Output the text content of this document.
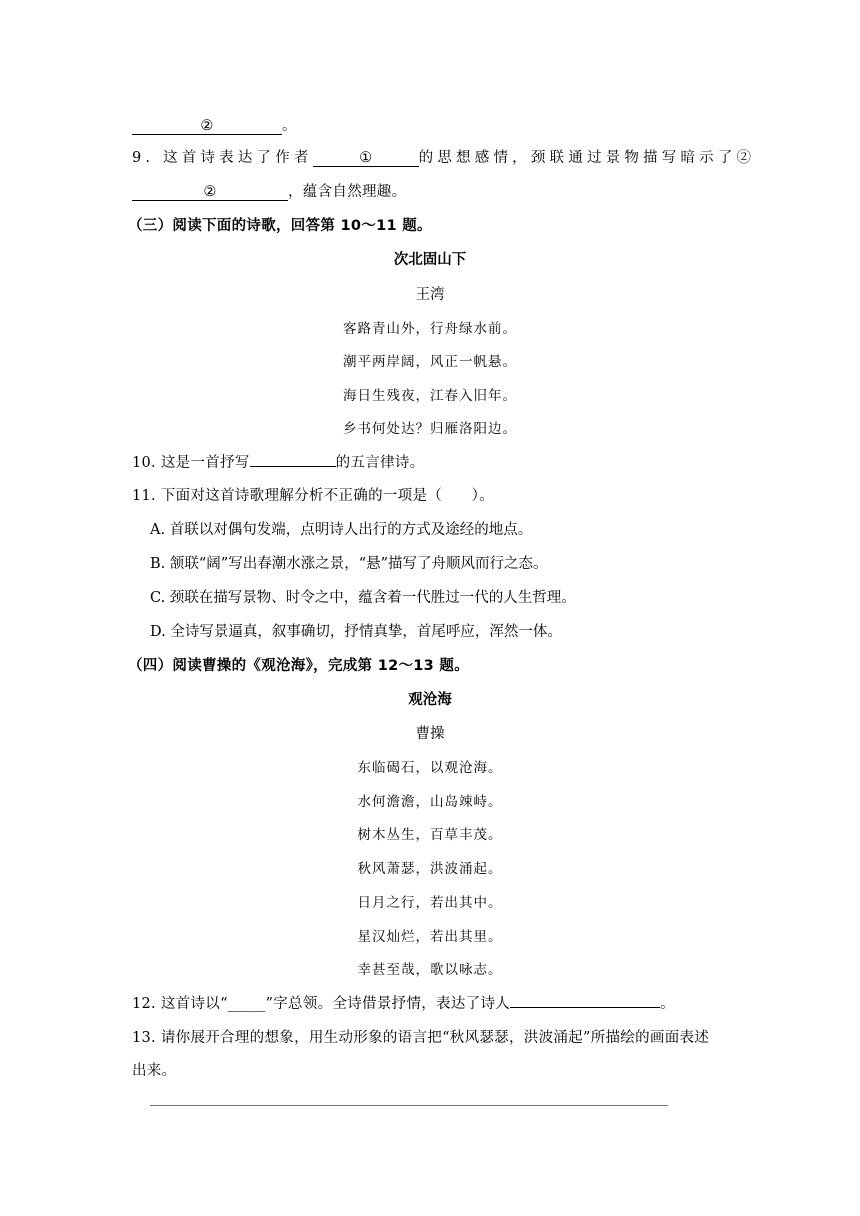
②	。
9. 这首诗表达了作者	①	的思想感情，颈联通过景物描写暗示了②
②	，蕴含自然理趣。
（三）阅读下面的诗歌，回答第 10～11 题。
次北固山下
王湾
客路青山外，行舟绿水前。
潮平两岸阔，风正一帆悬。
海日生残夜，江春入旧年。
乡书何处达？归雁洛阳边。
10. 这是一首抒写	的五言律诗。
11. 下面对这首诗歌理解分析不正确的一项是（　　）。
A. 首联以对偶句发端，点明诗人出行的方式及途经的地点。
B. 颔联“阔”写出春潮水涨之景，“悬”描写了舟顺风而行之态。
C. 颈联在描写景物、时令之中，蕴含着一代胜过一代的人生哲理。
D. 全诗写景逼真，叙事确切，抒情真挚，首尾呼应，浑然一体。
（四）阅读曹操的《观沧海》，完成第 12～13 题。
观沧海
曹操
东临碣石，以观沧海。
水何澹澹，山岛竦峙。
树木丛生，百草丰茂。
秋风萧瑟，洪波涌起。
日月之行，若出其中。
星汉灿烂，若出其里。
幸甚至哉，歌以咏志。
12. 这首诗以“_____”字总领。全诗借景抒情，表达了诗人	。
13. 请你展开合理的想象，用生动形象的语言把“秋风瑟瑟，洪波涌起”所描绘的画面表述
出来。
